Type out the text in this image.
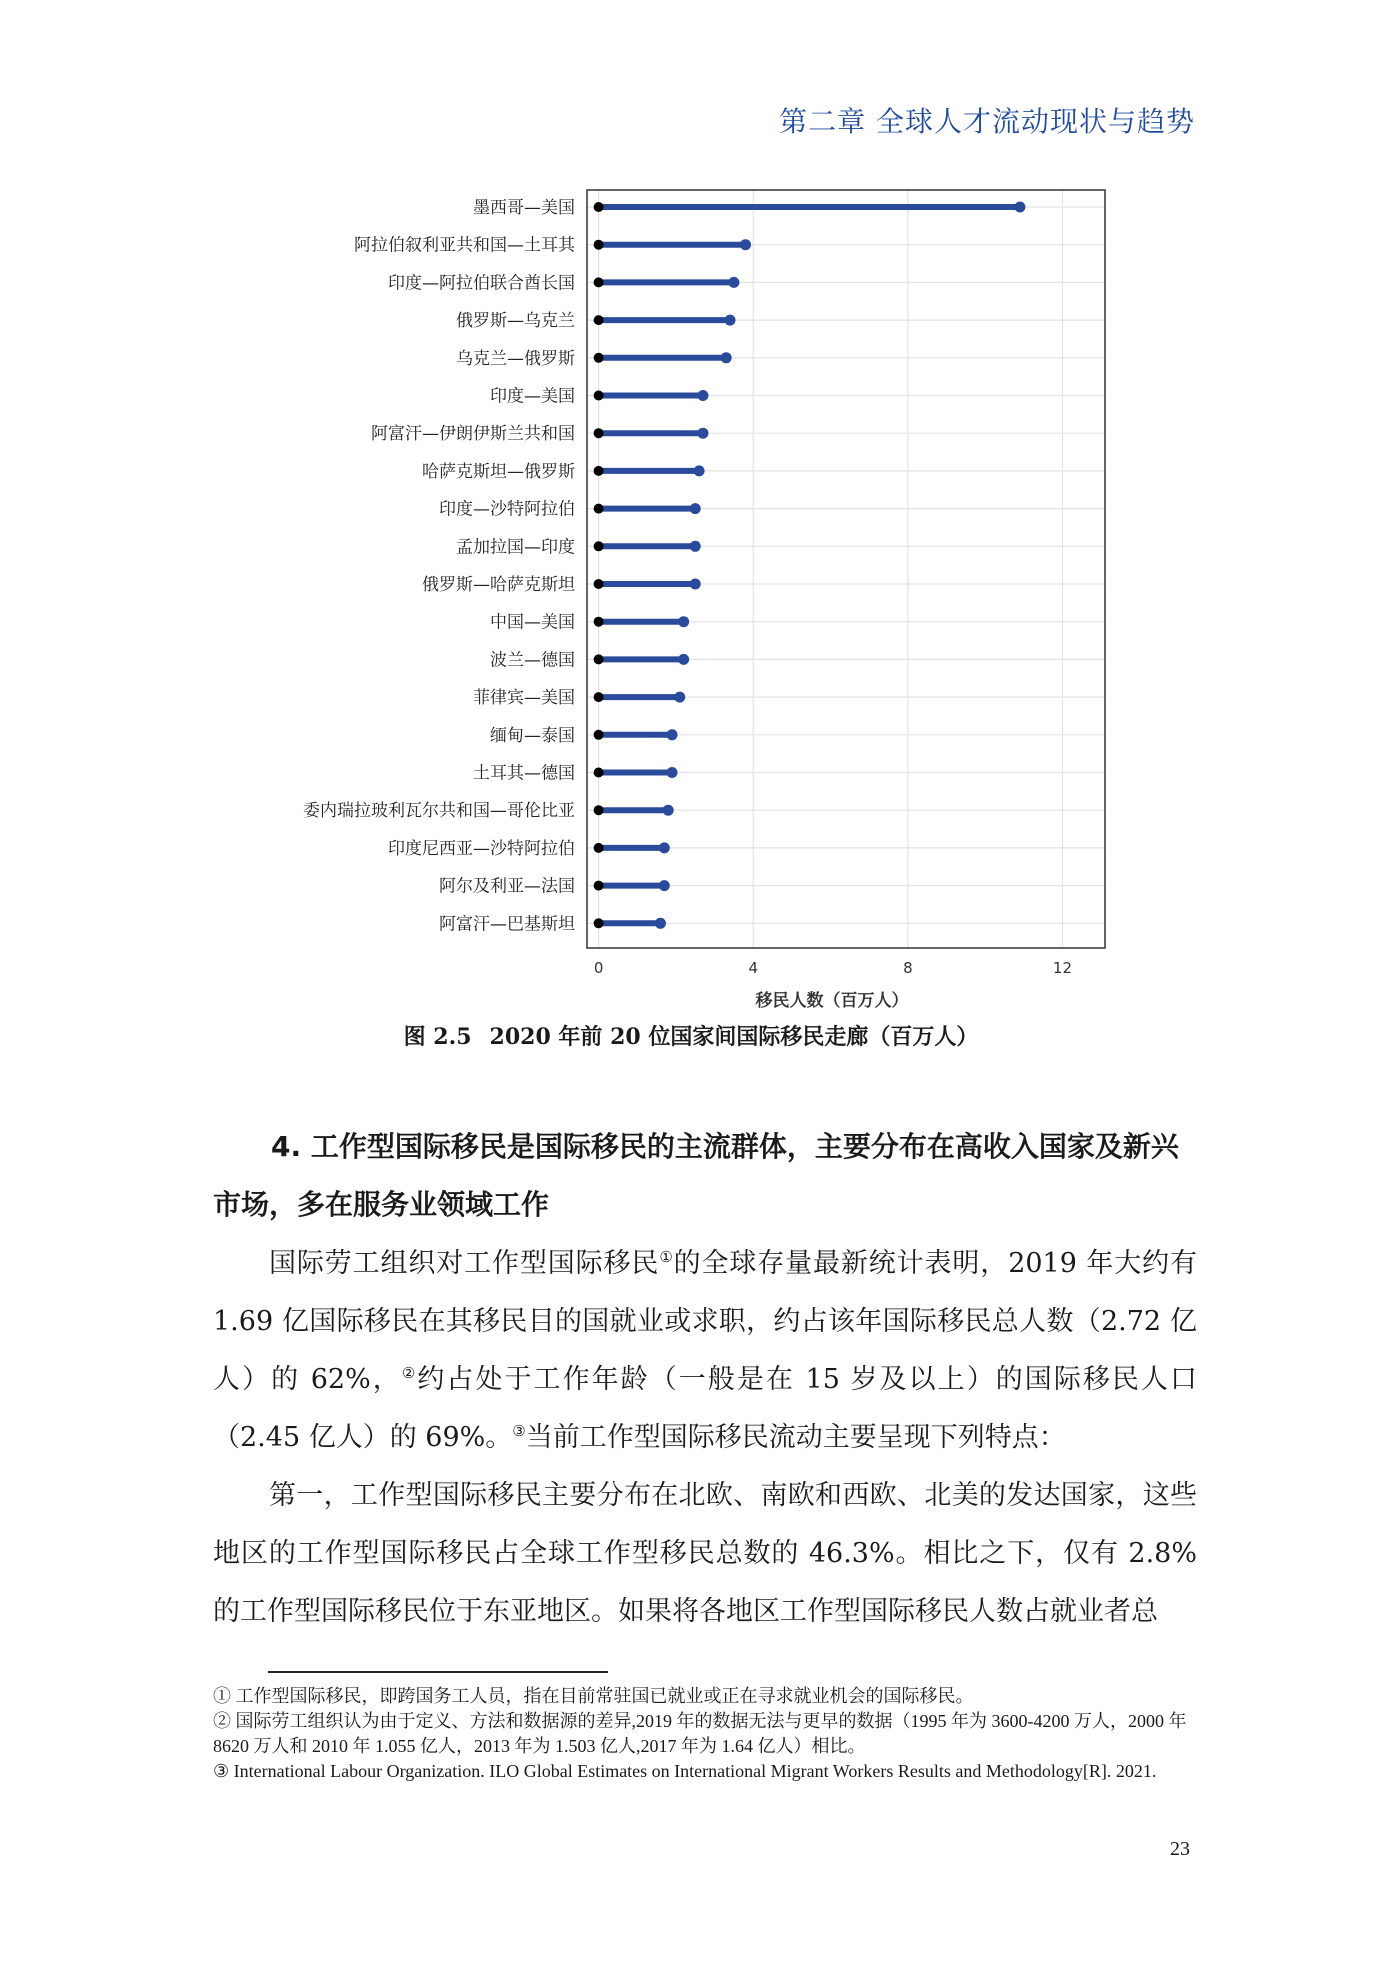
第二章 全球人才流动现状与趋势
墨西哥—美国
阿拉伯叙利亚共和国—土耳其
印度—阿拉伯联合酋长国
俄罗斯—乌克兰
乌克兰—俄罗斯
印度—美国
阿富汗—伊朗伊斯兰共和国
哈萨克斯坦—俄罗斯
印度—沙特阿拉伯
孟加拉国—印度
俄罗斯—哈萨克斯坦
中国—美国
波兰—德国
菲律宾—美国
缅甸—泰国
土耳其—德国
委内瑞拉玻利瓦尔共和国—哥伦比亚
印度尼西亚—沙特阿拉伯
阿尔及利亚—法国
阿富汗—巴基斯坦
0	4	8	12
移民人数（百万人）
图 2.5 2020 年前 20 位国家间国际移民走廊（百万人）
4. 工作型国际移民是国际移民的主流群体，主要分布在高收入国家及新兴市场，多在服务业领域工作

国际劳工组织对工作型国际移民①的全球存量最新统计表明，2019 年大约有 1.69 亿国际移民在其移民目的国就业或求职，约占该年国际移民总人数（2.72 亿人）的 62%，②约占处于工作年龄（一般是在 15 岁及以上）的国际移民人口（2.45 亿人）的 69%。③当前工作型国际移民流动主要呈现下列特点：

第一，工作型国际移民主要分布在北欧、南欧和西欧、北美的发达国家，这些地区的工作型国际移民占全球工作型移民总数的 46.3%。相比之下，仅有 2.8% 的工作型国际移民位于东亚地区。如果将各地区工作型国际移民人数占就业者总

① 工作型国际移民，即跨国务工人员，指在目前常驻国已就业或正在寻求就业机会的国际移民。
② 国际劳工组织认为由于定义、方法和数据源的差异,2019 年的数据无法与更早的数据（1995 年为 3600-4200 万人，2000 年 8620 万人和 2010 年 1.055 亿人，2013 年为 1.503 亿人,2017 年为 1.64 亿人）相比。
③ International Labour Organization. ILO Global Estimates on International Migrant Workers Results and Methodology[R]. 2021.
23
